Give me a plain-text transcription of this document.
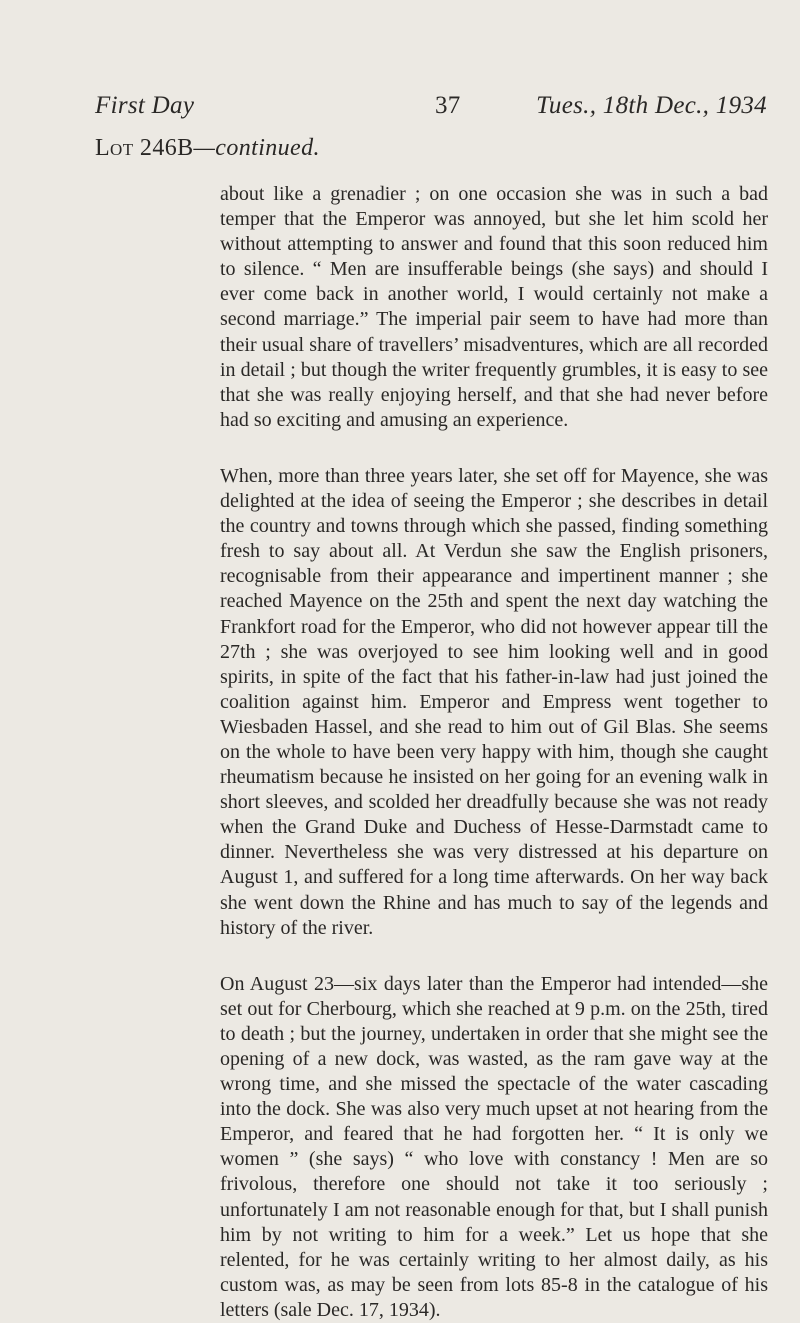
First Day	37	Tues., 18th Dec., 1934
Lot 246B—continued.

about like a grenadier ; on one occasion she was in such a bad temper that the Emperor was annoyed, but she let him scold her without attempting to answer and found that this soon reduced him to silence. “ Men are insufferable beings (she says) and should I ever come back in another world, I would certainly not make a second marriage.” The imperial pair seem to have had more than their usual share of travellers’ misadventures, which are all recorded in detail ; but though the writer frequently grumbles, it is easy to see that she was really enjoying herself, and that she had never before had so exciting and amusing an experience.

When, more than three years later, she set off for Mayence, she was delighted at the idea of seeing the Emperor ; she describes in detail the country and towns through which she passed, finding something fresh to say about all. At Verdun she saw the English prisoners, recognisable from their appearance and impertinent manner ; she reached Mayence on the 25th and spent the next day watching the Frankfort road for the Emperor, who did not however appear till the 27th ; she was overjoyed to see him looking well and in good spirits, in spite of the fact that his father-in-law had just joined the coalition against him. Emperor and Empress went together to Wiesbaden Hassel, and she read to him out of Gil Blas. She seems on the whole to have been very happy with him, though she caught rheumatism because he insisted on her going for an evening walk in short sleeves, and scolded her dreadfully because she was not ready when the Grand Duke and Duchess of Hesse-Darmstadt came to dinner. Nevertheless she was very distressed at his departure on August 1, and suffered for a long time afterwards. On her way back she went down the Rhine and has much to say of the legends and history of the river.

On August 23—six days later than the Emperor had intended—she set out for Cherbourg, which she reached at 9 p.m. on the 25th, tired to death ; but the journey, undertaken in order that she might see the opening of a new dock, was wasted, as the ram gave way at the wrong time, and she missed the spectacle of the water cascading into the dock. She was also very much upset at not hearing from the Emperor, and feared that he had forgotten her. “ It is only we women ” (she says) “ who love with constancy ! Men are so frivolous, therefore one should not take it too seriously ; unfortunately I am not reasonable enough for that, but I shall punish him by not writing to him for a week.” Let us hope that she relented, for he was certainly writing to her almost daily, as his custom was, as may be seen from lots 85-8 in the catalogue of his letters (sale Dec. 17, 1934).
